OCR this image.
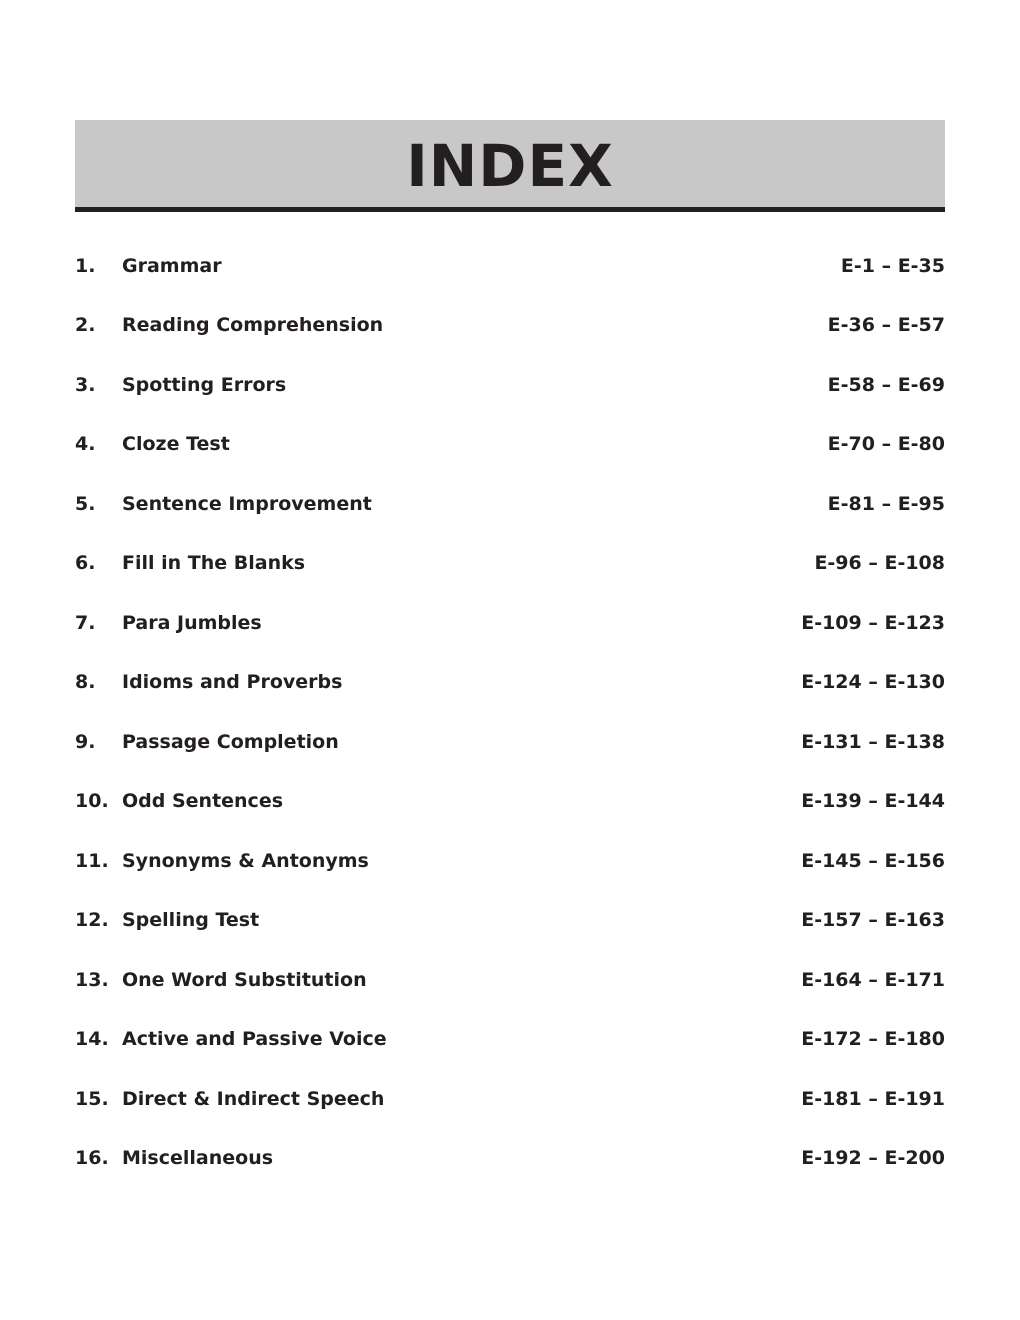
INDEX
1.	Grammar	E-1 – E-35
2.	Reading Comprehension	E-36 – E-57
3.	Spotting Errors	E-58 – E-69
4.	Cloze Test	E-70 – E-80
5.	Sentence Improvement	E-81 – E-95
6.	Fill in The Blanks	E-96 – E-108
7.	Para Jumbles	E-109 – E-123
8.	Idioms and Proverbs	E-124 – E-130
9.	Passage Completion	E-131 – E-138
10. Odd Sentences	E-139 – E-144
11. Synonyms & Antonyms	E-145 – E-156
12. Spelling Test	E-157 – E-163
13. One Word Substitution	E-164 – E-171
14. Active and Passive Voice	E-172 – E-180
15. Direct & Indirect Speech	E-181 – E-191
16. Miscellaneous	E-192 – E-200
